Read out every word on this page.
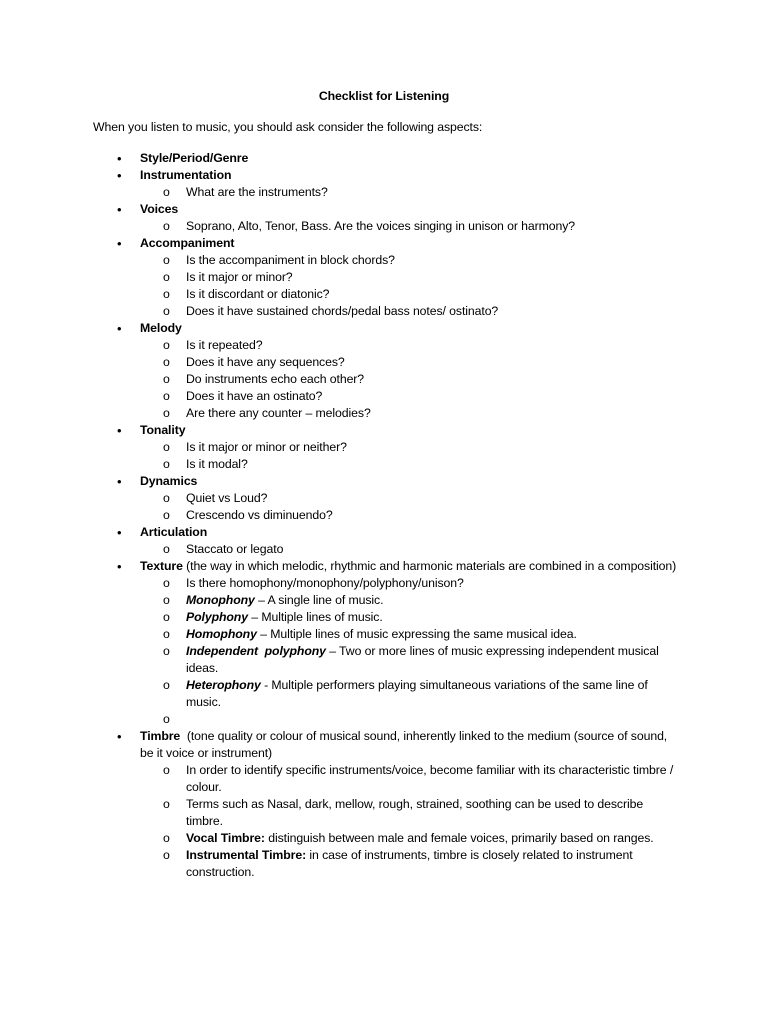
Checklist for Listening
When you listen to music, you should ask consider the following aspects:
• Style/Period/Genre
• Instrumentation
o What are the instruments?
• Voices
o Soprano, Alto, Tenor, Bass. Are the voices singing in unison or harmony?
• Accompaniment
o Is the accompaniment in block chords?
o Is it major or minor?
o Is it discordant or diatonic?
o Does it have sustained chords/pedal bass notes/ ostinato?
• Melody
o Is it repeated?
o Does it have any sequences?
o Do instruments echo each other?
o Does it have an ostinato?
o Are there any counter – melodies?
• Tonality
o Is it major or minor or neither?
o Is it modal?
• Dynamics
o Quiet vs Loud?
o Crescendo vs diminuendo?
• Articulation
o Staccato or legato
• Texture (the way in which melodic, rhythmic and harmonic materials are combined in a composition)
o Is there homophony/monophony/polyphony/unison?
o Monophony – A single line of music.
o Polyphony – Multiple lines of music.
o Homophony – Multiple lines of music expressing the same musical idea.
o Independent  polyphony – Two or more lines of music expressing independent musical ideas.
o Heterophony - Multiple performers playing simultaneous variations of the same line of music.
o
• Timbre  (tone quality or colour of musical sound, inherently linked to the medium (source of sound, be it voice or instrument)
o In order to identify specific instruments/voice, become familiar with its characteristic timbre / colour.
o Terms such as Nasal, dark, mellow, rough, strained, soothing can be used to describe timbre.
o Vocal Timbre: distinguish between male and female voices, primarily based on ranges.
o Instrumental Timbre: in case of instruments, timbre is closely related to instrument construction.
